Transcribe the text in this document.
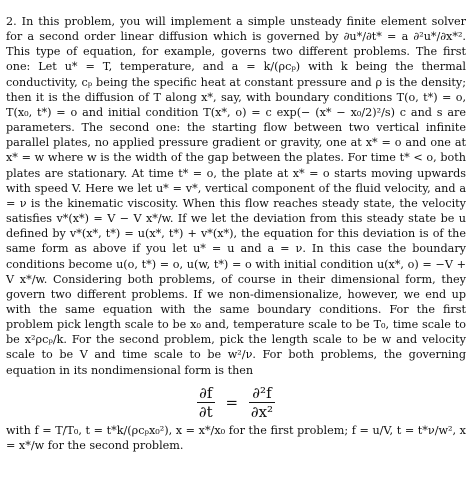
2. In this problem, you will implement a simple unsteady finite element solver for a second order linear diffusion which is governed by ∂u*/∂t* = a ∂²u*/∂x*². This type of equation, for example, governs two different problems. The first one: Let u* = T, temperature, and a = k/(ρcₚ) with k being the thermal conductivity, cₚ being the specific heat at constant pressure and ρ is the density; then it is the diffusion of T along x*, say, with boundary conditions T(o, t*) = o, T(x₀, t*) = o and initial condition T(x*, o) = c exp(− (x* − x₀/2)²/s) c and s are parameters. The second one: the starting flow between two vertical infinite parallel plates, no applied pressure gradient or gravity, one at x* = o and one at x* = w where w is the width of the gap between the plates. For time t* < o, both plates are stationary. At time t* = o, the plate at x* = o starts moving upwards with speed V. Here we let u* = v*, vertical component of the fluid velocity, and a = ν is the kinematic viscosity. When this flow reaches steady state, the velocity satisfies v*(x*) = V − V x*/w. If we let the deviation from this steady state be u defined by v*(x*, t*) = u(x*, t*) + v*(x*), the equation for this deviation is of the same form as above if you let u* = u and a = ν. In this case the boundary conditions become u(o, t*) = o, u(w, t*) = o with initial condition u(x*, o) = −V + V x*/w. Considering both problems, of course in their dimensional form, they govern two different problems. If we non-dimensionalize, however, we end up with the same equation with the same boundary conditions. For the first problem pick length scale to be x₀ and, temperature scale to be T₀, time scale to be x²ρcₚ/k. For the second problem, pick the length scale to be w and velocity scale to be V and time scale to be w²/ν. For both problems, the governing equation in its nondimensional form is then

$\frac{\partial f}{\partial t} = \frac{\text{∂²f}}{\text{∂x²}}$

with f = T/T₀, t = t*k/(ρcₚx₀²), x = x*/x₀ for the first problem; f = u/V, t = t*ν/w², x = x*/w for the second problem.
